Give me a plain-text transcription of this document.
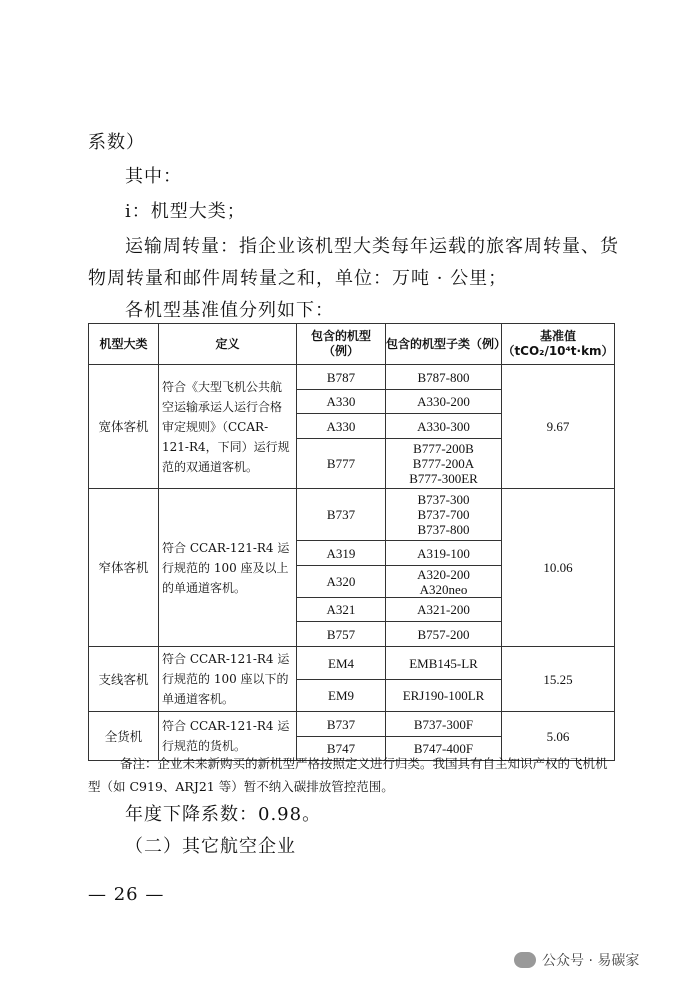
系数）
其中：
i：机型大类；
运输周转量：指企业该机型大类每年运载的旅客周转量、货
物周转量和邮件周转量之和，单位：万吨 · 公里；
各机型基准值分列如下：
机型大类	定义	包含的机型（例）	包含的机型子类（例）	基准值（tCO₂/10⁴t·km）
宽体客机	符合《大型飞机公共航空运输承运人运行合格审定规则》（CCAR-121-R4，下同）运行规范的双通道客机。	B787	B787-800	9.67
		A330	A330-200	
		A330	A330-300	
		B777	B777-200B
B777-200A
B777-300ER	
窄体客机	符合 CCAR-121-R4 运行规范的 100 座及以上的单通道客机。	B737	B737-300
B737-700
B737-800	10.06
		A319	A319-100	
		A320	A320-200
A320neo	
		A321	A321-200	
		B757	B757-200	
支线客机	符合 CCAR-121-R4 运行规范的 100 座以下的单通道客机。	EM4	EMB145-LR	15.25
		EM9	ERJ190-100LR	
全货机	符合 CCAR-121-R4 运行规范的货机。	B737	B737-300F	5.06
		B747	B747-400F	
备注：企业未来新购买的新机型严格按照定义进行归类。我国具有自主知识产权的飞机机型（如 C919、ARJ21 等）暂不纳入碳排放管控范围。
年度下降系数：0.98。
（二）其它航空企业
— 26 —
公众号 · 易碳家
